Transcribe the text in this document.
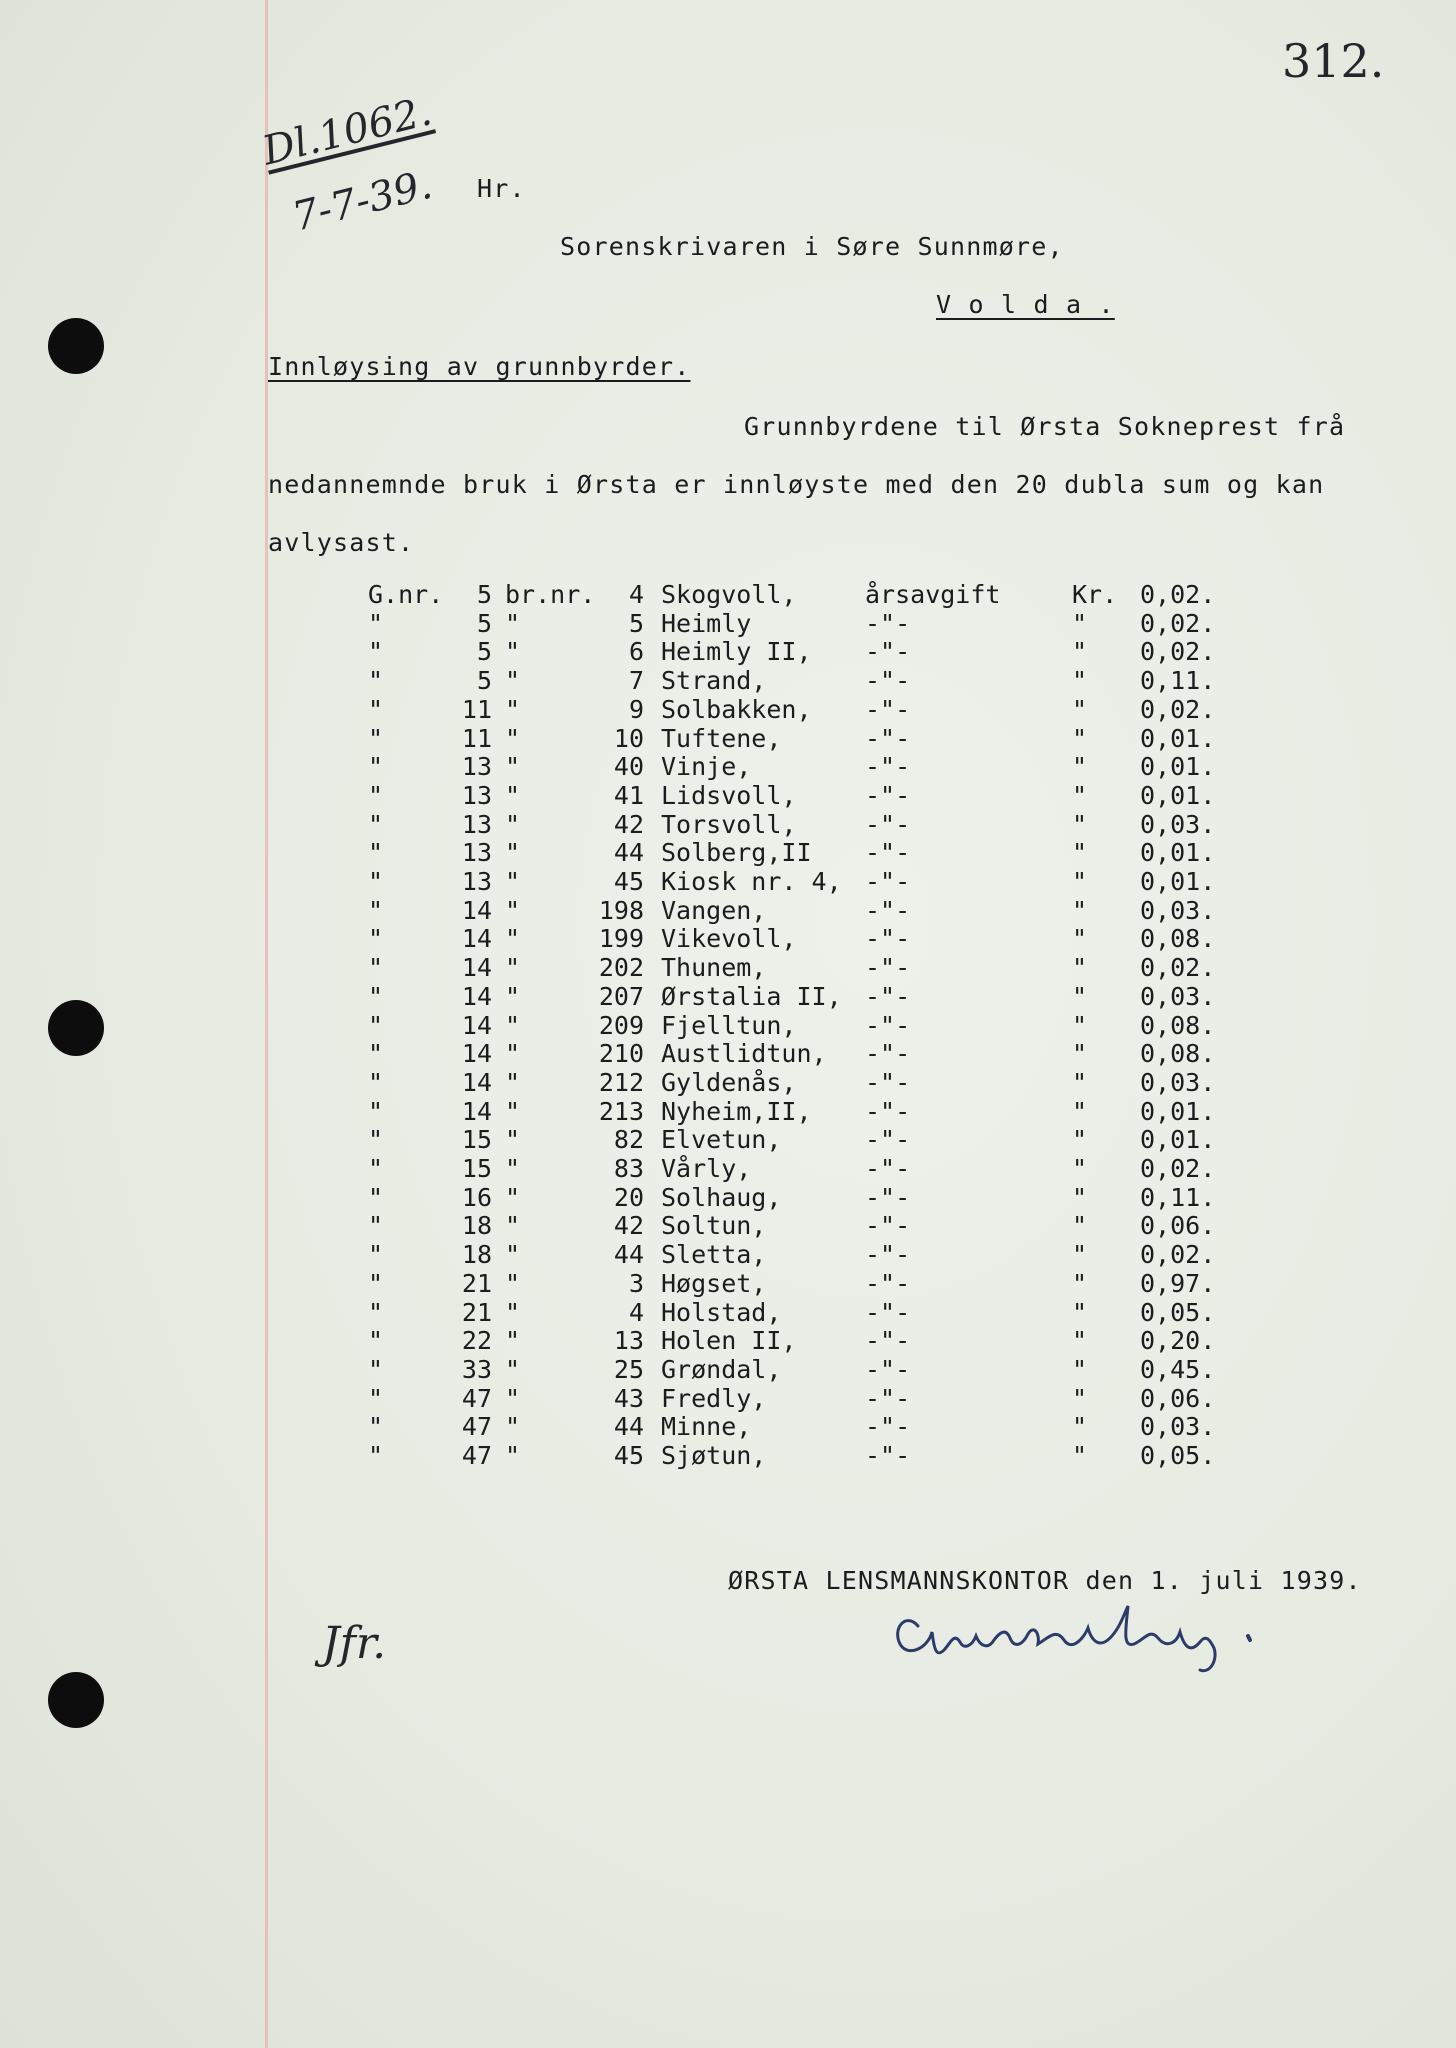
312.
Dl.1062.
7-7-39. Hr.
Sorenskrivaren i Søre Sunnmøre,
V o l d a .
Innløysing av grunnbyrder.
Grunnbyrdene til Ørsta Sokneprest frå
nedannemnde bruk i Ørsta er innløyste med den 20 dubla sum og kan
avlysast.
G.nr.	5 br.nr.	4 Skogvoll,	årsavgift	Kr. 0,02.
"	5 "	5 Heimly	-"-	" 0,02.
"	5 "	6 Heimly II, -"-	" 0,02.
"	5 "	7 Strand,	-"-	" 0,11.
"	11 "	9 Solbakken, -"-	" 0,02.
"	11 "	10 Tuftene,	-"-	" 0,01.
"	13 "	40 Vinje,	-"-	" 0,01.
"	13 "	41 Lidsvoll,	-"-	" 0,01.
"	13 "	42 Torsvoll,	-"-	" 0,03.
"	13 "	44 Solberg,II -"-	" 0,01.
"	13 "	45 Kiosk nr. 4, -"-	" 0,01.
"	14 "	198 Vangen,	-"-	" 0,03.
"	14 "	199 Vikevoll,	-"-	" 0,08.
"	14 "	202 Thunem,	-"-	" 0,02.
"	14 "	207 Ørstalia II, -"-	" 0,03.
"	14 "	209 Fjelltun,	-"-	" 0,08.
"	14 "	210 Austlidtun, -"-	" 0,08.
"	14 "	212 Gyldenås,	-"-	" 0,03.
"	14 "	213 Nyheim,II, -"-	" 0,01.
"	15 "	82 Elvetun,	-"-	" 0,01.
"	15 "	83 Vårly,	-"-	" 0,02.
"	16 "	20 Solhaug,	-"-	" 0,11.
"	18 "	42 Soltun,	-"-	" 0,06.
"	18 "	44 Sletta,	-"-	" 0,02.
"	21 "	3 Høgset,	-"-	" 0,97.
"	21 "	4 Holstad,	-"-	" 0,05.
"	22 "	13 Holen II,	-"-	" 0,20.
"	33 "	25 Grøndal,	-"-	" 0,45.
"	47 "	43 Fredly,	-"-	" 0,06.
"	47 "	44 Minne,	-"-	" 0,03.
"	47 "	45 Sjøtun,	-"-	" 0,05.
ØRSTA LENSMANNSKONTOR den 1. juli 1939.
Jfr.
